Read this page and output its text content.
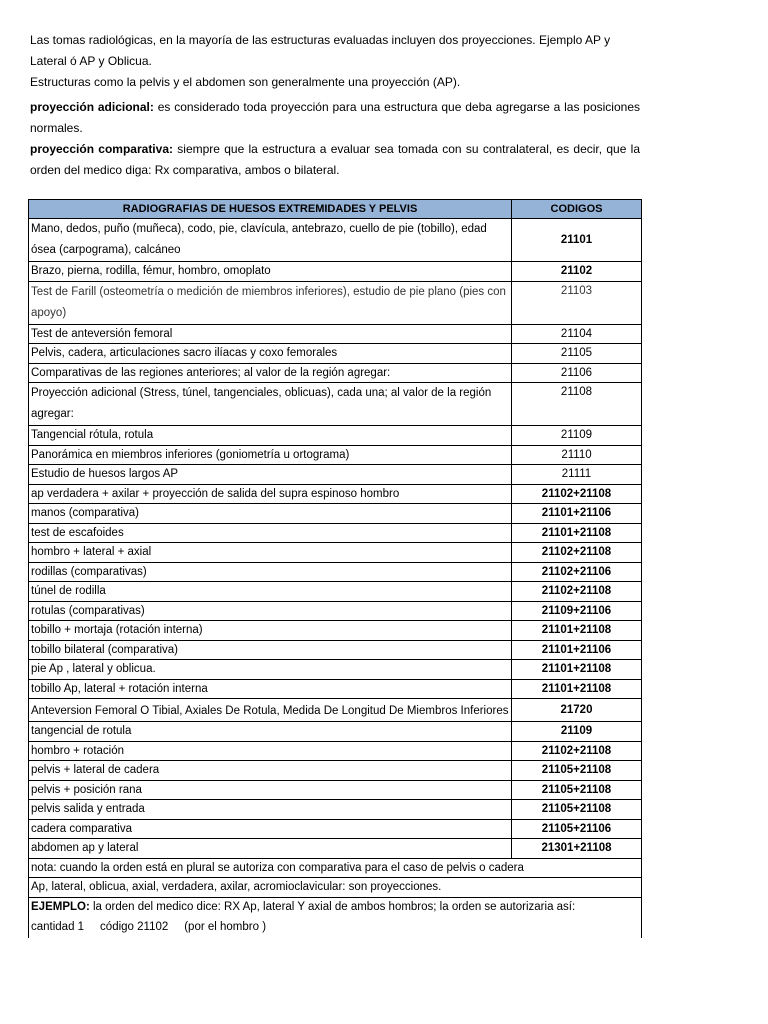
Las tomas radiológicas, en la mayoría de las estructuras evaluadas incluyen dos proyecciones. Ejemplo AP y Lateral ó AP y Oblicua.

Estructuras como la pelvis y el abdomen son generalmente una proyección (AP).

proyección adicional: es considerado toda proyección para una estructura que deba agregarse a las posiciones normales.

proyección comparativa: siempre que la estructura a evaluar sea tomada con su contralateral, es decir, que la orden del medico diga: Rx comparativa, ambos o bilateral.

RADIOGRAFIAS DE HUESOS EXTREMIDADES Y PELVIS	CODIGOS
Mano, dedos, puño (muñeca), codo, pie, clavícula, antebrazo, cuello de pie (tobillo), edad ósea (carpograma), calcáneo	21101
Brazo, pierna, rodilla, fémur, hombro, omoplato	21102
Test de Farill (osteometría o medición de miembros inferiores), estudio de pie plano (pies con apoyo)	21103
Test de anteversión femoral	21104
Pelvis, cadera, articulaciones sacro ilíacas y coxo femorales	21105
Comparativas de las regiones anteriores; al valor de la región agregar:	21106
Proyección adicional (Stress, túnel, tangenciales, oblicuas), cada una; al valor de la región agregar:	21108
Tangencial rótula, rotula	21109
Panorámica en miembros inferiores (goniometría u ortograma)	21110
Estudio de huesos largos AP	21111
ap verdadera + axilar + proyección de salida del supra espinoso hombro	21102+21108
manos (comparativa)	21101+21106
test de escafoides	21101+21108
hombro + lateral + axial	21102+21108
rodillas (comparativas)	21102+21106
túnel de rodilla	21102+21108
rotulas (comparativas)	21109+21106
tobillo + mortaja (rotación interna)	21101+21108
tobillo bilateral (comparativa)	21101+21106
pie Ap , lateral y oblicua.	21101+21108
tobillo Ap, lateral + rotación interna	21101+21108
Anteversion Femoral O Tibial, Axiales De Rotula, Medida De Longitud De Miembros Inferiores	21720
tangencial de rotula	21109
hombro + rotación	21102+21108
pelvis + lateral de cadera	21105+21108
pelvis + posición rana	21105+21108
pelvis salida y entrada	21105+21108
cadera comparativa	21105+21106
abdomen ap y lateral	21301+21108
nota: cuando la orden está en plural se autoriza con comparativa para el caso de pelvis o cadera	
Ap, lateral, oblicua, axial, verdadera, axilar, acromioclavicular: son proyecciones.	
EJEMPLO: la orden del medico dice: RX Ap, lateral Y axial de ambos hombros; la orden se autorizaria así:	
cantidad 1     código 21102     (por el hombro )	
